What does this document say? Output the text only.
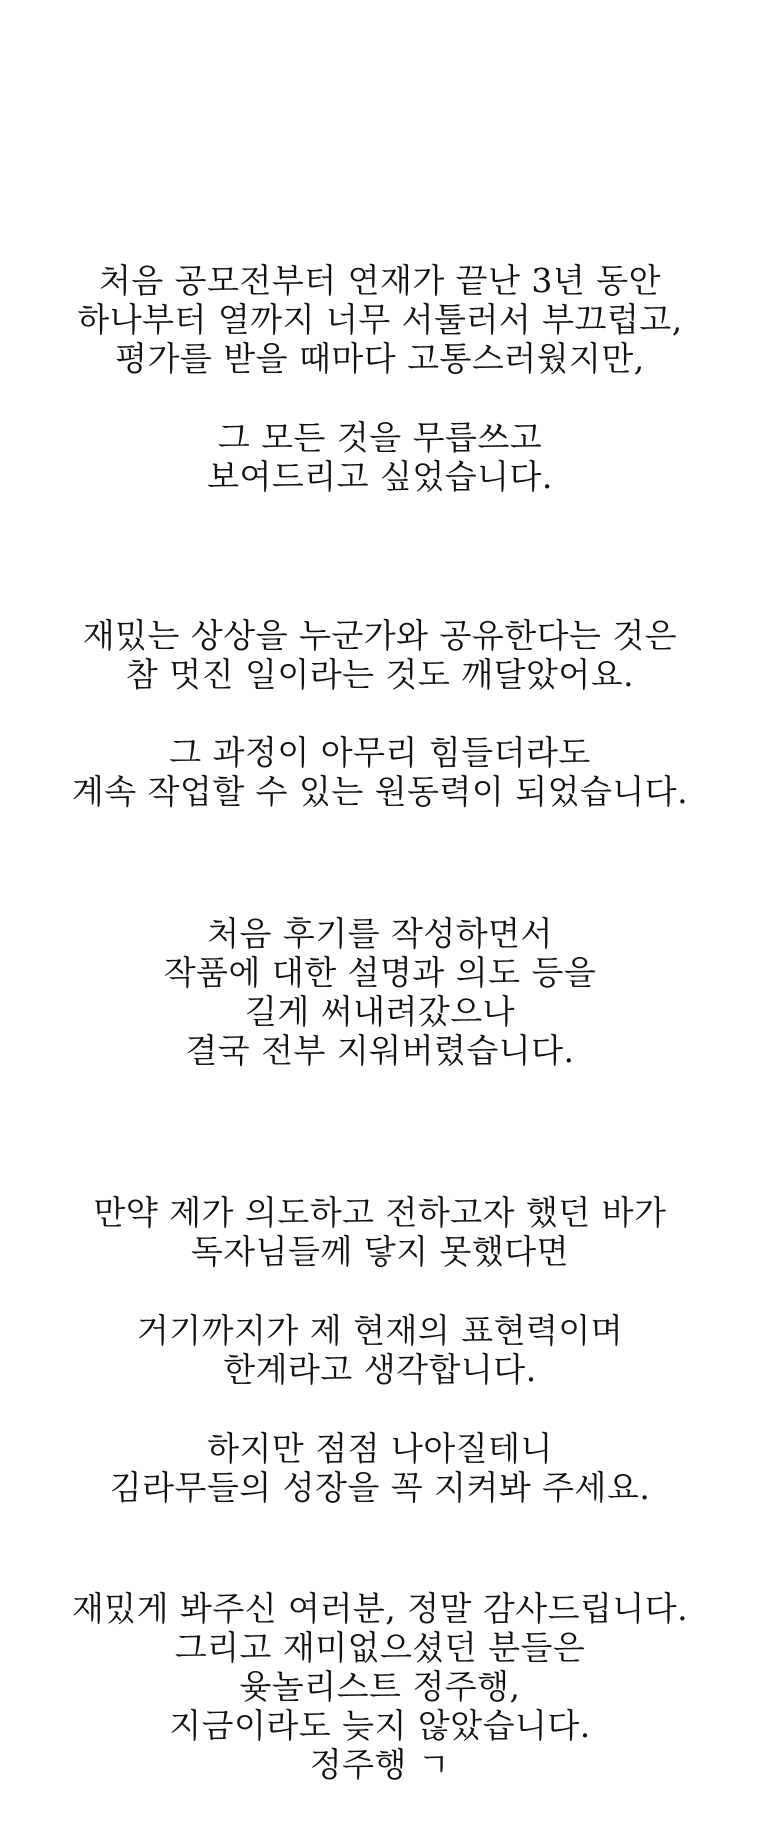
처음 공모전부터 연재가 끝난 3년 동안
하나부터 열까지 너무 서툴러서 부끄럽고,
평가를 받을 때마다 고통스러웠지만,
그 모든 것을 무릅쓰고
보여드리고 싶었습니다.
재밌는 상상을 누군가와 공유한다는 것은
참 멋진 일이라는 것도 깨달았어요.
그 과정이 아무리 힘들더라도
계속 작업할 수 있는 원동력이 되었습니다.
처음 후기를 작성하면서
작품에 대한 설명과 의도 등을
길게 써내려갔으나
결국 전부 지워버렸습니다.
만약 제가 의도하고 전하고자 했던 바가
독자님들께 닿지 못했다면
거기까지가 제 현재의 표현력이며
한계라고 생각합니다.
하지만 점점 나아질테니
김라무들의 성장을 꼭 지켜봐 주세요.
재밌게 봐주신 여러분, 정말 감사드립니다.
그리고 재미없으셨던 분들은
윶놀리스트 정주행,
지금이라도 늦지 않았습니다.
정주행 ㄱ
